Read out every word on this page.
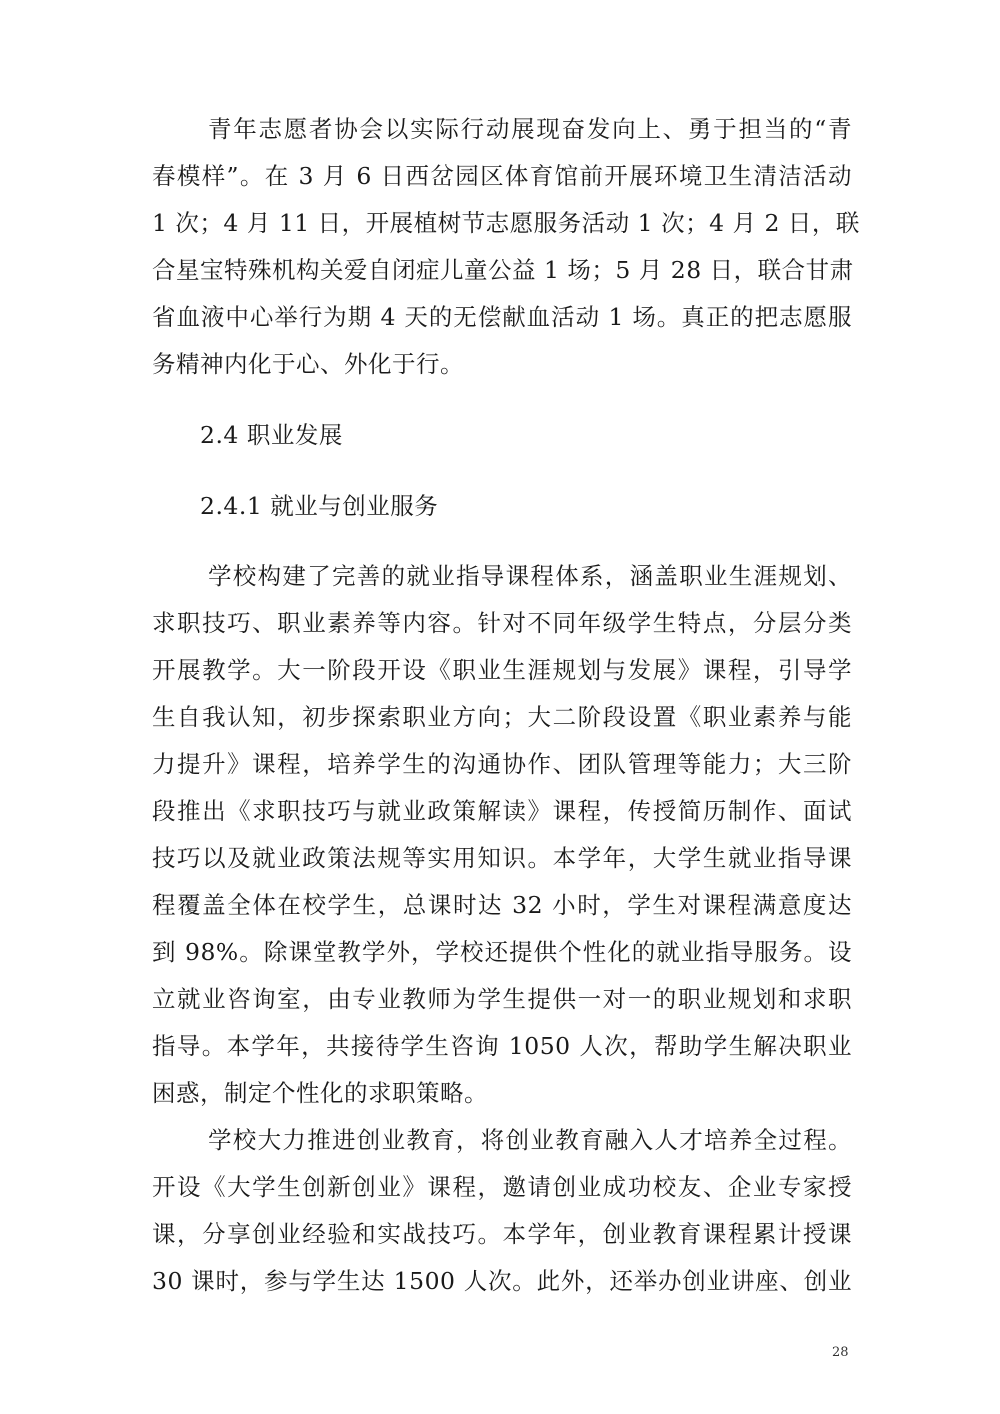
青年志愿者协会以实际行动展现奋发向上、勇于担当的“青
春模样”。在 3 月 6 日西岔园区体育馆前开展环境卫生清洁活动
1 次；4 月 11 日，开展植树节志愿服务活动 1 次；4 月 2 日，联
合星宝特殊机构关爱自闭症儿童公益 1 场；5 月 28 日，联合甘肃
省血液中心举行为期 4 天的无偿献血活动 1 场。真正的把志愿服
务精神内化于心、外化于行。
2.4 职业发展
2.4.1 就业与创业服务
学校构建了完善的就业指导课程体系，涵盖职业生涯规划、
求职技巧、职业素养等内容。针对不同年级学生特点，分层分类
开展教学。大一阶段开设《职业生涯规划与发展》课程，引导学
生自我认知，初步探索职业方向；大二阶段设置《职业素养与能
力提升》课程，培养学生的沟通协作、团队管理等能力；大三阶
段推出《求职技巧与就业政策解读》课程，传授简历制作、面试
技巧以及就业政策法规等实用知识。本学年，大学生就业指导课
程覆盖全体在校学生，总课时达 32 小时，学生对课程满意度达
到 98%。除课堂教学外，学校还提供个性化的就业指导服务。设
立就业咨询室，由专业教师为学生提供一对一的职业规划和求职
指导。本学年，共接待学生咨询 1050 人次，帮助学生解决职业
困惑，制定个性化的求职策略。
学校大力推进创业教育，将创业教育融入人才培养全过程。
开设《大学生创新创业》课程，邀请创业成功校友、企业专家授
课，分享创业经验和实战技巧。本学年，创业教育课程累计授课
30 课时，参与学生达 1500 人次。此外，还举办创业讲座、创业
28
